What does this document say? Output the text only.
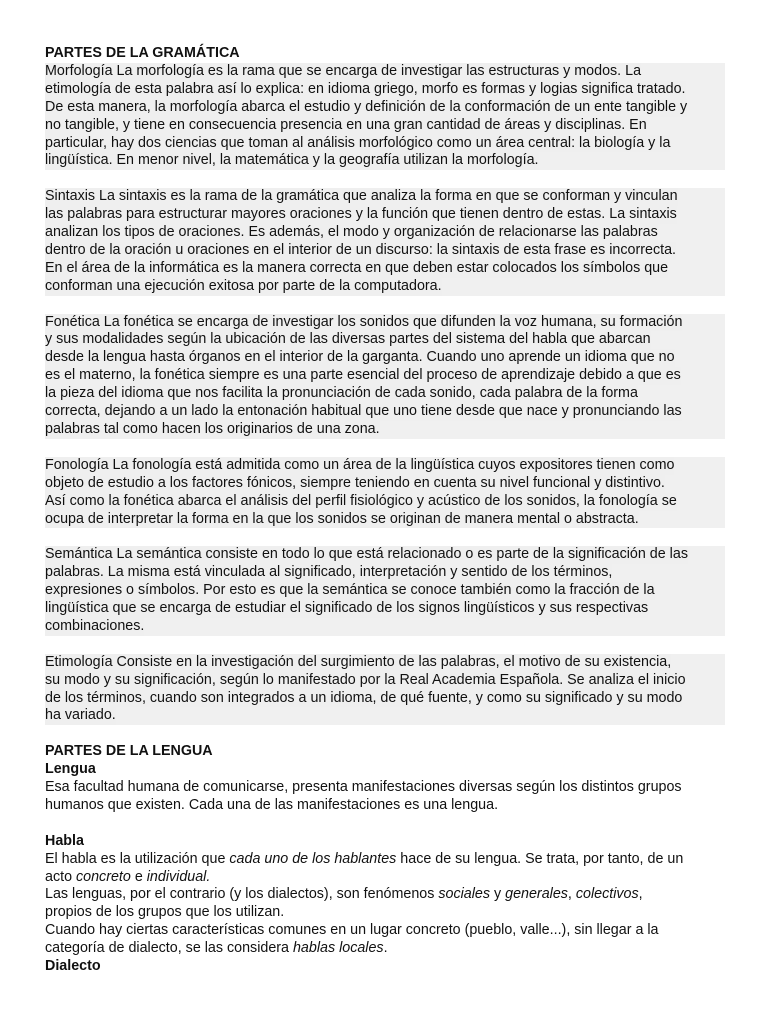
PARTES DE LA GRAMÁTICA
Morfología La morfología es la rama que se encarga de investigar las estructuras y modos. La
etimología de esta palabra así lo explica: en idioma griego, morfo es formas y logias significa tratado.
De esta manera, la morfología abarca el estudio y definición de la conformación de un ente tangible y
no tangible, y tiene en consecuencia presencia en una gran cantidad de áreas y disciplinas. En
particular, hay dos ciencias que toman al análisis morfológico como un área central: la biología y la
lingüística. En menor nivel, la matemática y la geografía utilizan la morfología.
Sintaxis La sintaxis es la rama de la gramática que analiza la forma en que se conforman y vinculan
las palabras para estructurar mayores oraciones y la función que tienen dentro de estas. La sintaxis
analizan los tipos de oraciones. Es además, el modo y organización de relacionarse las palabras
dentro de la oración u oraciones en el interior de un discurso: la sintaxis de esta frase es incorrecta.
En el área de la informática es la manera correcta en que deben estar colocados los símbolos que
conforman una ejecución exitosa por parte de la computadora.
Fonética La fonética se encarga de investigar los sonidos que difunden la voz humana, su formación
y sus modalidades según la ubicación de las diversas partes del sistema del habla que abarcan
desde la lengua hasta órganos en el interior de la garganta. Cuando uno aprende un idioma que no
es el materno, la fonética siempre es una parte esencial del proceso de aprendizaje debido a que es
la pieza del idioma que nos facilita la pronunciación de cada sonido, cada palabra de la forma
correcta, dejando a un lado la entonación habitual que uno tiene desde que nace y pronunciando las
palabras tal como hacen los originarios de una zona.
Fonología La fonología está admitida como un área de la lingüística cuyos expositores tienen como
objeto de estudio a los factores fónicos, siempre teniendo en cuenta su nivel funcional y distintivo.
Así como la fonética abarca el análisis del perfil fisiológico y acústico de los sonidos, la fonología se
ocupa de interpretar la forma en la que los sonidos se originan de manera mental o abstracta.
Semántica La semántica consiste en todo lo que está relacionado o es parte de la significación de las
palabras. La misma está vinculada al significado, interpretación y sentido de los términos,
expresiones o símbolos. Por esto es que la semántica se conoce también como la fracción de la
lingüística que se encarga de estudiar el significado de los signos lingüísticos y sus respectivas
combinaciones.
Etimología Consiste en la investigación del surgimiento de las palabras, el motivo de su existencia,
su modo y su significación, según lo manifestado por la Real Academia Española. Se analiza el inicio
de los términos, cuando son integrados a un idioma, de qué fuente, y como su significado y su modo
ha variado.
PARTES DE LA LENGUA
Lengua
Esa facultad humana de comunicarse, presenta manifestaciones diversas según los distintos grupos
humanos que existen. Cada una de las manifestaciones es una lengua.
Habla
El habla es la utilización que cada uno de los hablantes hace de su lengua. Se trata, por tanto, de un
acto concreto e individual.
Las lenguas, por el contrario (y los dialectos), son fenómenos sociales y generales, colectivos,
propios de los grupos que los utilizan.
Cuando hay ciertas características comunes en un lugar concreto (pueblo, valle...), sin llegar a la
categoría de dialecto, se las considera hablas locales.
Dialecto
